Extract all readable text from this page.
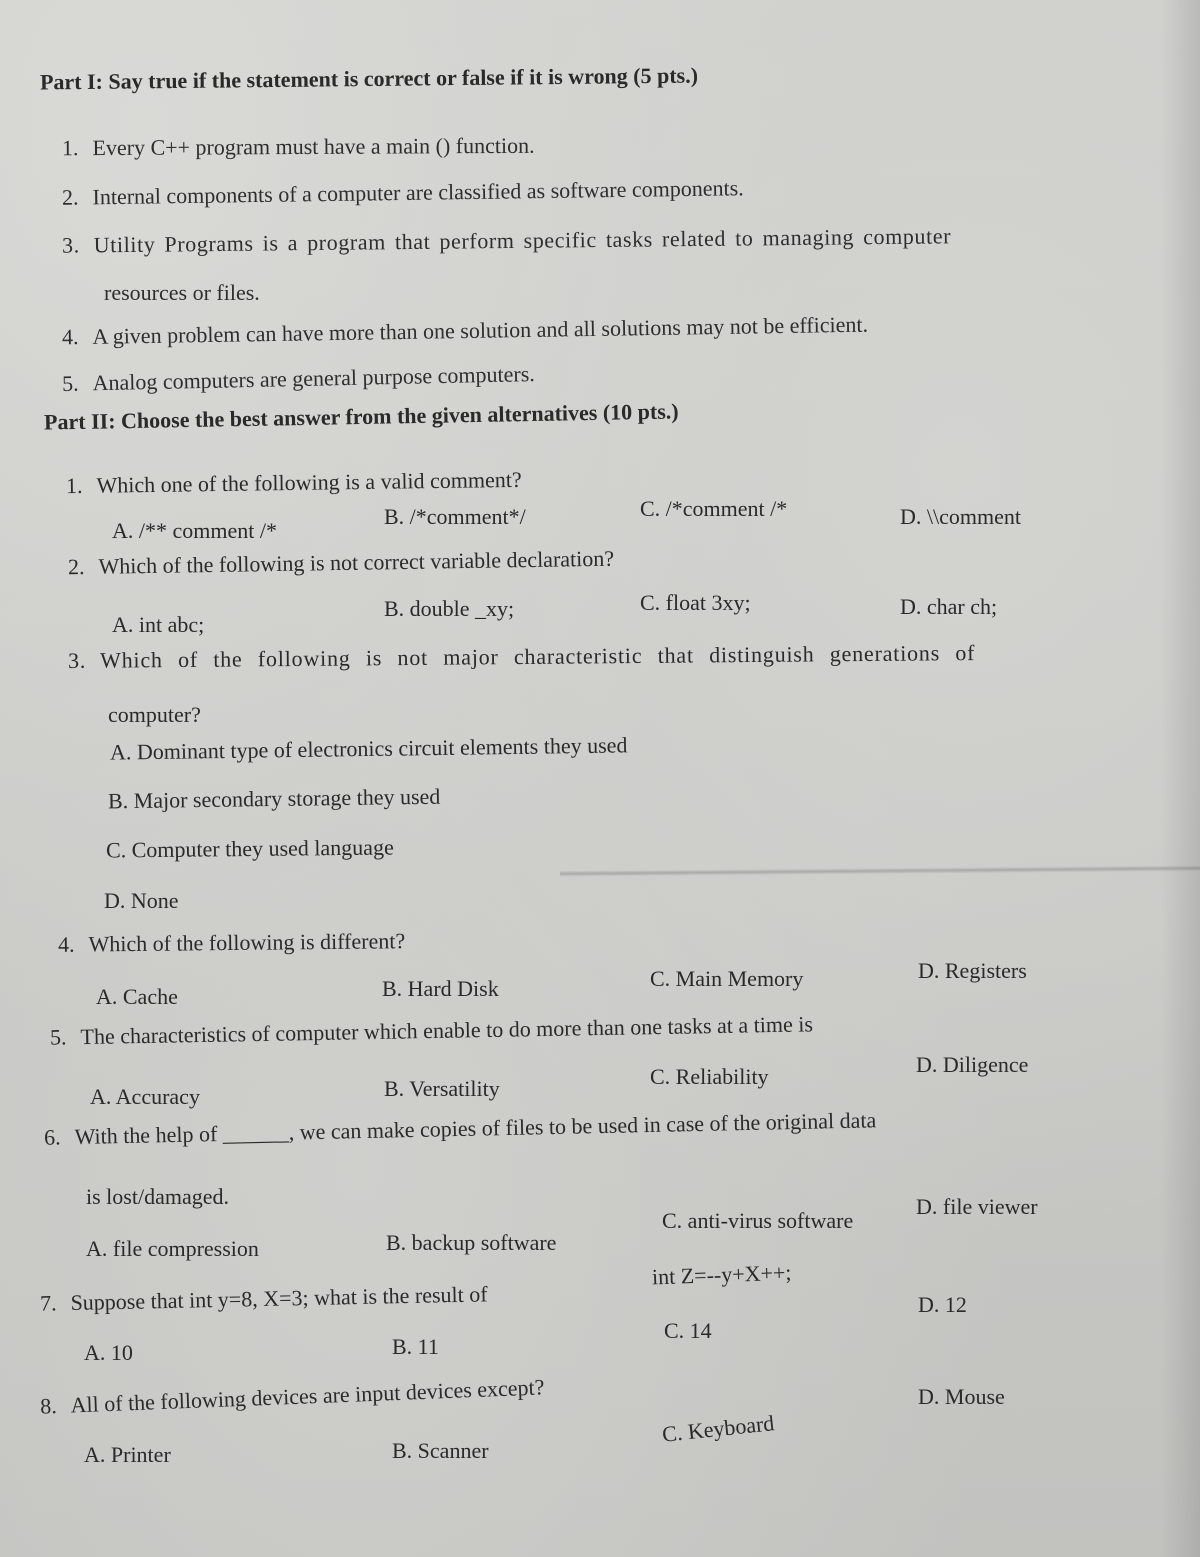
Part I: Say true if the statement is correct or false if it is wrong (5 pts.)
1. Every C++ program must have a main () function.
2. Internal components of a computer are classified as software components.
3. Utility Programs is a program that perform specific tasks related to managing computer
resources or files.
4. A given problem can have more than one solution and all solutions may not be efficient.
5. Analog computers are general purpose computers.
Part II: Choose the best answer from the given alternatives (10 pts.)
1. Which one of the following is a valid comment?
A. /** comment /*
B. /*comment*/	C. /*comment /*	D. \\comment
2. Which of the following is not correct variable declaration?
A. int abc;
B. double _xy;	C. float 3xy;	D. char ch;
3. Which of the following is not major characteristic that distinguish generations of
computer?
A. Dominant type of electronics circuit elements they used
B. Major secondary storage they used
C. Computer they used language
D. None
4. Which of the following is different?
A. Cache	B. Hard Disk	C. Main Memory	D. Registers
5. The characteristics of computer which enable to do more than one tasks at a time is
A. Accuracy	B. Versatility	C. Reliability	D. Diligence
6. With the help of ______, we can make copies of files to be used in case of the original data
is lost/damaged.
A. file compression	B. backup software
C. anti-virus software
D. file viewer
7. Suppose that int y=8, X=3; what is the result of
int Z=--y+X++;
A. 10	B. 11
C. 14
D. 12
8. All of the following devices are input devices except?
A. Printer	B. Scanner
C. Keyboard
D. Mouse
